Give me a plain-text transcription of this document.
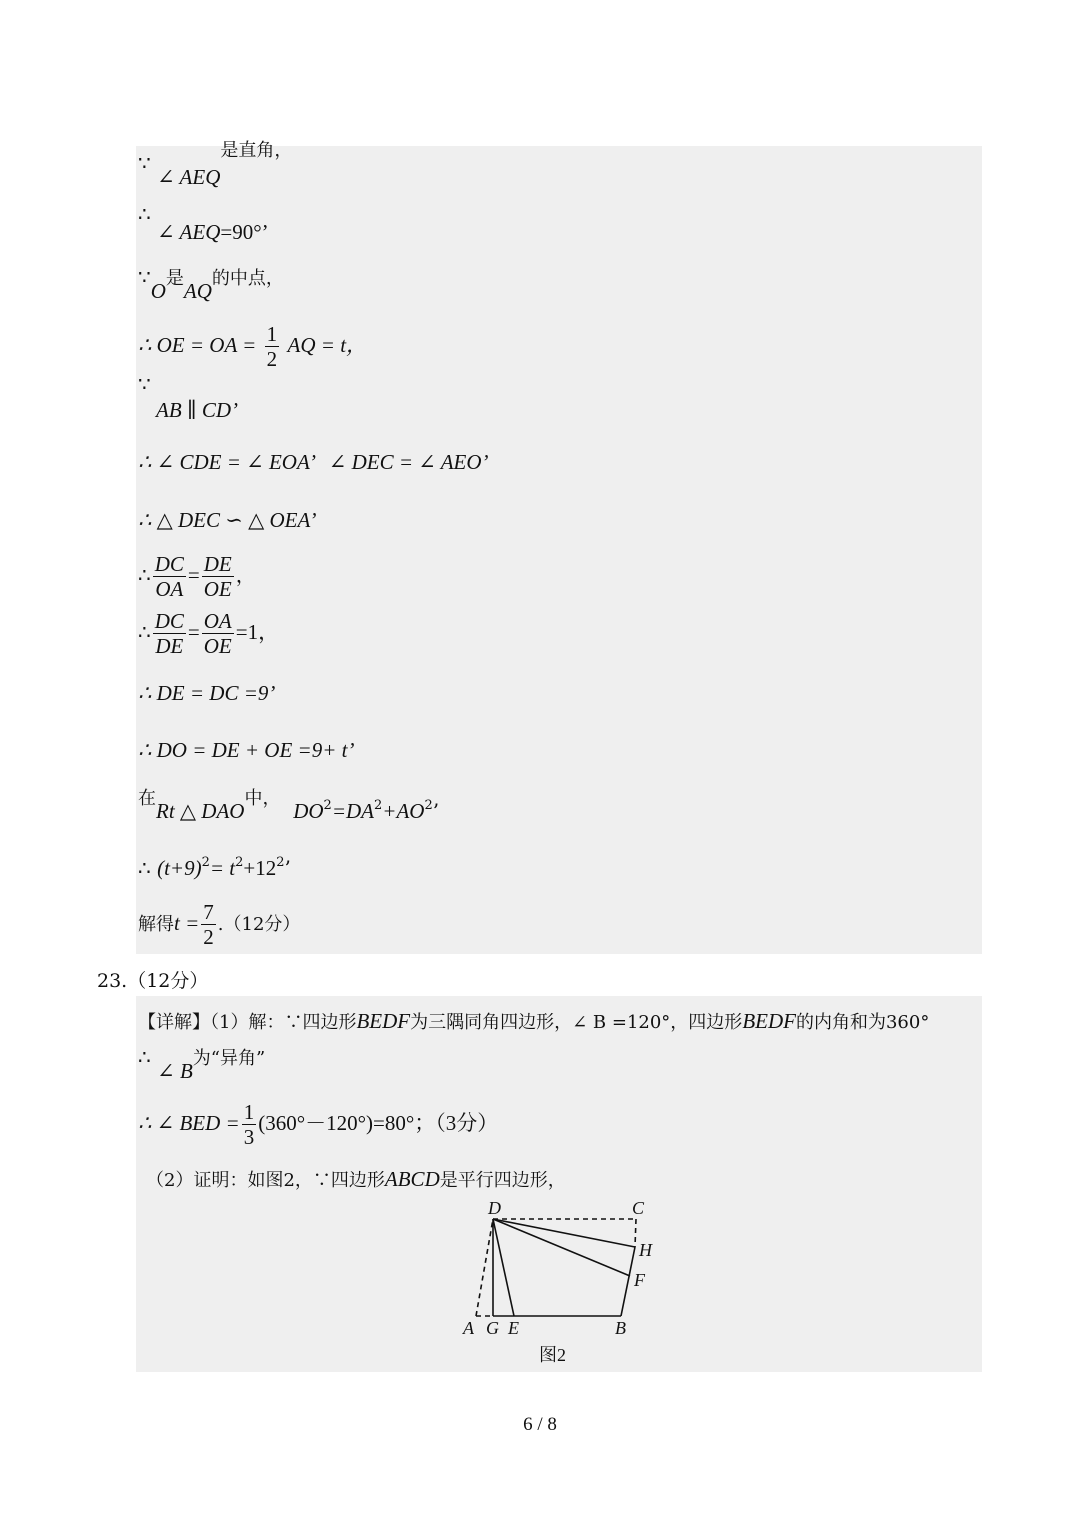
∵ ∠ AEQ是直角，
∴ ∠ AEQ=90°’
∵O是AQ的中点，
∴ OE = OA = $\frac{1}{2}$ AQ = t，
∵
AB ∥ CD’
∴ ∠ CDE = ∠ EOA’ ∠ DEC = ∠ AEO’
∴ △ DEC ∽ △ OEA’
∴ $\frac{DC}{OA} = \frac{DE}{OE}$ ，
∴ $\frac{DC}{DE} = \frac{OA}{OE} =1$，
∴ DE = DC =9’
∴ DO = DE + OE =9+ t’
在Rt △ DAO中，  $DO^2=DA^2+AO^2$’
∴ $(t+9)^2= t^2+12^2$’
解得$t = \frac{7}{2} .(12$分）
23.（12分）
【详解】（1）解：∵四边形BEDF为三隅同角四边形，∠ B =120°，四边形BEDF的内角和为360°
∴ ∠ B为“异角”
∴ ∠ BED = $\frac{1}{3} (360^\circ-120^\circ)=80^\circ$；（3分）
（2）证明：如图2，∵四边形ABCD是平行四边形，
D	C
H
F
A G E	B
图2
6 / 8
